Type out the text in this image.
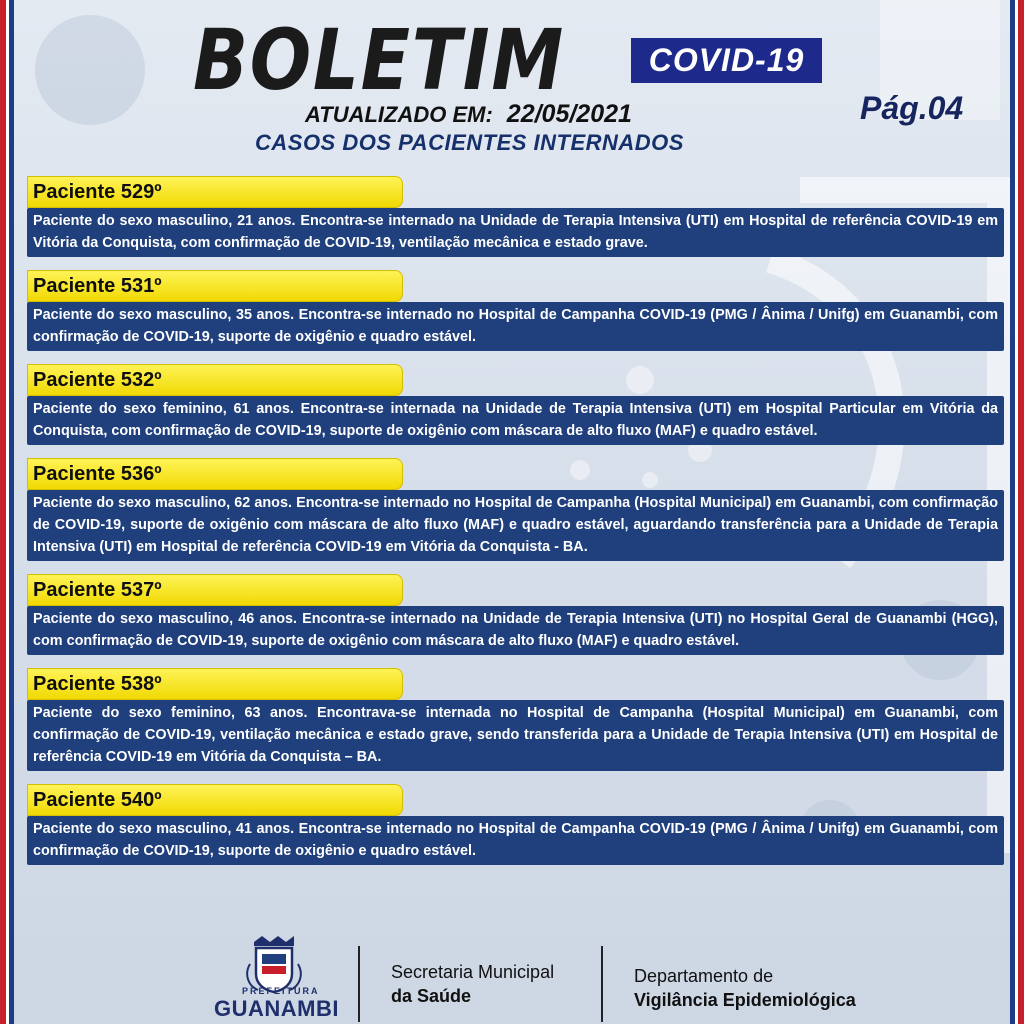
BOLETIM	COVID-19
ATUALIZADO EM: 22/05/2021	Pág.04
CASOS DOS PACIENTES INTERNADOS
Paciente 529º
Paciente do sexo masculino, 21 anos. Encontra-se internado na Unidade de Terapia Intensiva (UTI) em Hospital de referência COVID-19 em Vitória da Conquista, com confirmação de COVID-19, ventilação mecânica e estado grave.
Paciente 531º
Paciente do sexo masculino, 35 anos. Encontra-se internado no Hospital de Campanha COVID-19 (PMG / Ânima / Unifg) em Guanambi, com confirmação de COVID-19, suporte de oxigênio e quadro estável.
Paciente 532º
Paciente do sexo feminino, 61 anos. Encontra-se internada na Unidade de Terapia Intensiva (UTI) em Hospital Particular em Vitória da Conquista, com confirmação de COVID-19, suporte de oxigênio com máscara de alto fluxo (MAF) e quadro estável.
Paciente 536º
Paciente do sexo masculino, 62 anos. Encontra-se internado no Hospital de Campanha (Hospital Municipal) em Guanambi, com confirmação de COVID-19, suporte de oxigênio com máscara de alto fluxo (MAF) e quadro estável, aguardando transferência para a Unidade de Terapia Intensiva (UTI) em Hospital de referência COVID-19 em Vitória da Conquista - BA.
Paciente 537º
Paciente do sexo masculino, 46 anos. Encontra-se internado na Unidade de Terapia Intensiva (UTI) no Hospital Geral de Guanambi (HGG), com confirmação de COVID-19, suporte de oxigênio com máscara de alto fluxo (MAF) e quadro estável.
Paciente 538º
Paciente do sexo feminino, 63 anos. Encontrava-se internada no Hospital de Campanha (Hospital Municipal) em Guanambi, com confirmação de COVID-19, ventilação mecânica e estado grave, sendo transferida para a Unidade de Terapia Intensiva (UTI) em Hospital de referência COVID-19 em Vitória da Conquista – BA.
Paciente 540º
Paciente do sexo masculino, 41 anos. Encontra-se internado no Hospital de Campanha COVID-19 (PMG / Ânima / Unifg) em Guanambi, com confirmação de COVID-19, suporte de oxigênio e quadro estável.
PREFEITURA
GUANAMBI
Secretaria Municipal
da Saúde
Departamento de
Vigilância Epidemiológica
